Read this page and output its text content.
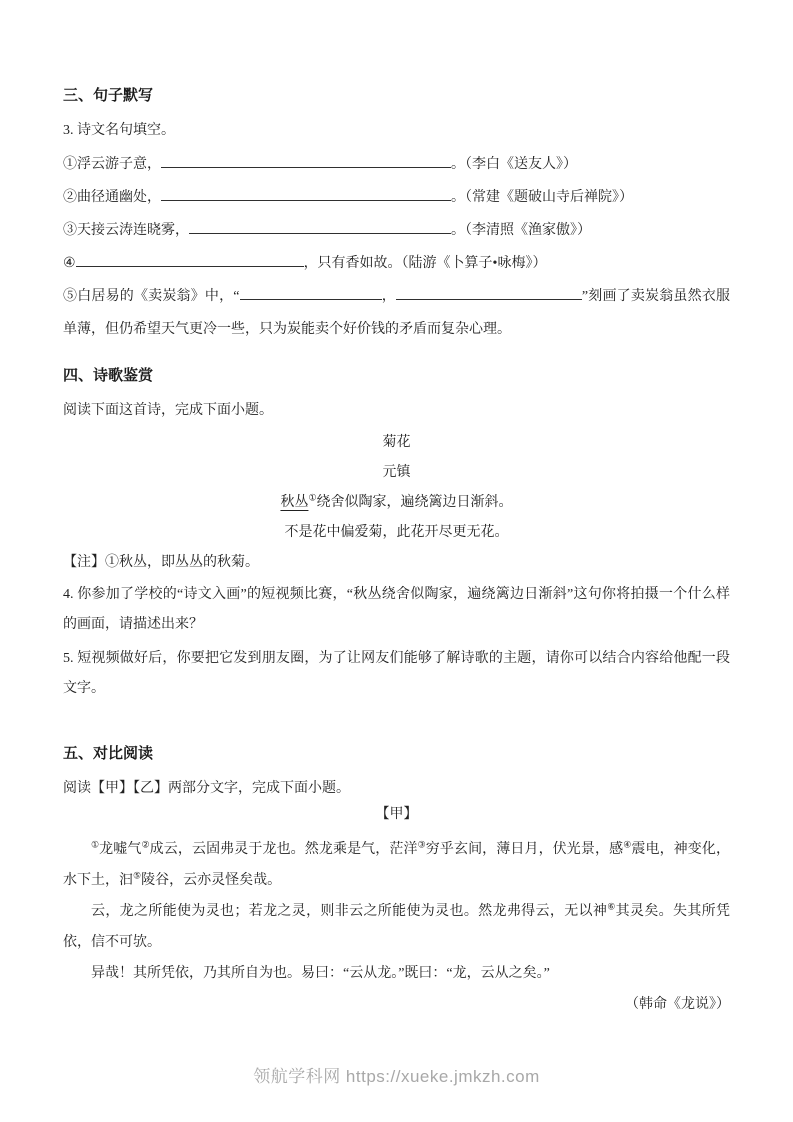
三、句子默写
3. 诗文名句填空。
①浮云游子意，	。（李白《送友人》）
②曲径通幽处，	。（常建《题破山寺后禅院》）
③天接云涛连晓雾，	。（李清照《渔家傲》）
④	，只有香如故。（陆游《卜算子•咏梅》）
⑤白居易的《卖炭翁》中，“	，	”刻画了卖炭翁虽然衣服单薄，但仍希望天气更冷一些，只为炭能卖个好价钱的矛盾而复杂心理。
四、诗歌鉴赏
阅读下面这首诗，完成下面小题。
菊花
元镇
秋丛①绕舍似陶家，遍绕篱边日渐斜。
不是花中偏爱菊，此花开尽更无花。
【注】①秋丛，即丛丛的秋菊。
4. 你参加了学校的“诗文入画”的短视频比赛，“秋丛绕舍似陶家，遍绕篱边日渐斜”这句你将拍摄一个什么样的画面，请描述出来？
5. 短视频做好后，你要把它发到朋友圈，为了让网友们能够了解诗歌的主题，请你可以结合内容给他配一段文字。
五、对比阅读
阅读【甲】【乙】两部分文字，完成下面小题。
【甲】

①龙嘘气②成云，云固弗灵于龙也。然龙乘是气，茫洋③穷乎玄间，薄日月，伏光景，感④震电，神变化，水下土，汩⑤陵谷，云亦灵怪矣哉。

云，龙之所能使为灵也；若龙之灵，则非云之所能使为灵也。然龙弗得云，无以神⑥其灵矣。失其所凭依，信不可欤。

异哉！其所凭依，乃其所自为也。易曰：“云从龙。”既曰：“龙，云从之矣。”

（韩命《龙说》）
领航学科网 https://xueke.jmkzh.com
